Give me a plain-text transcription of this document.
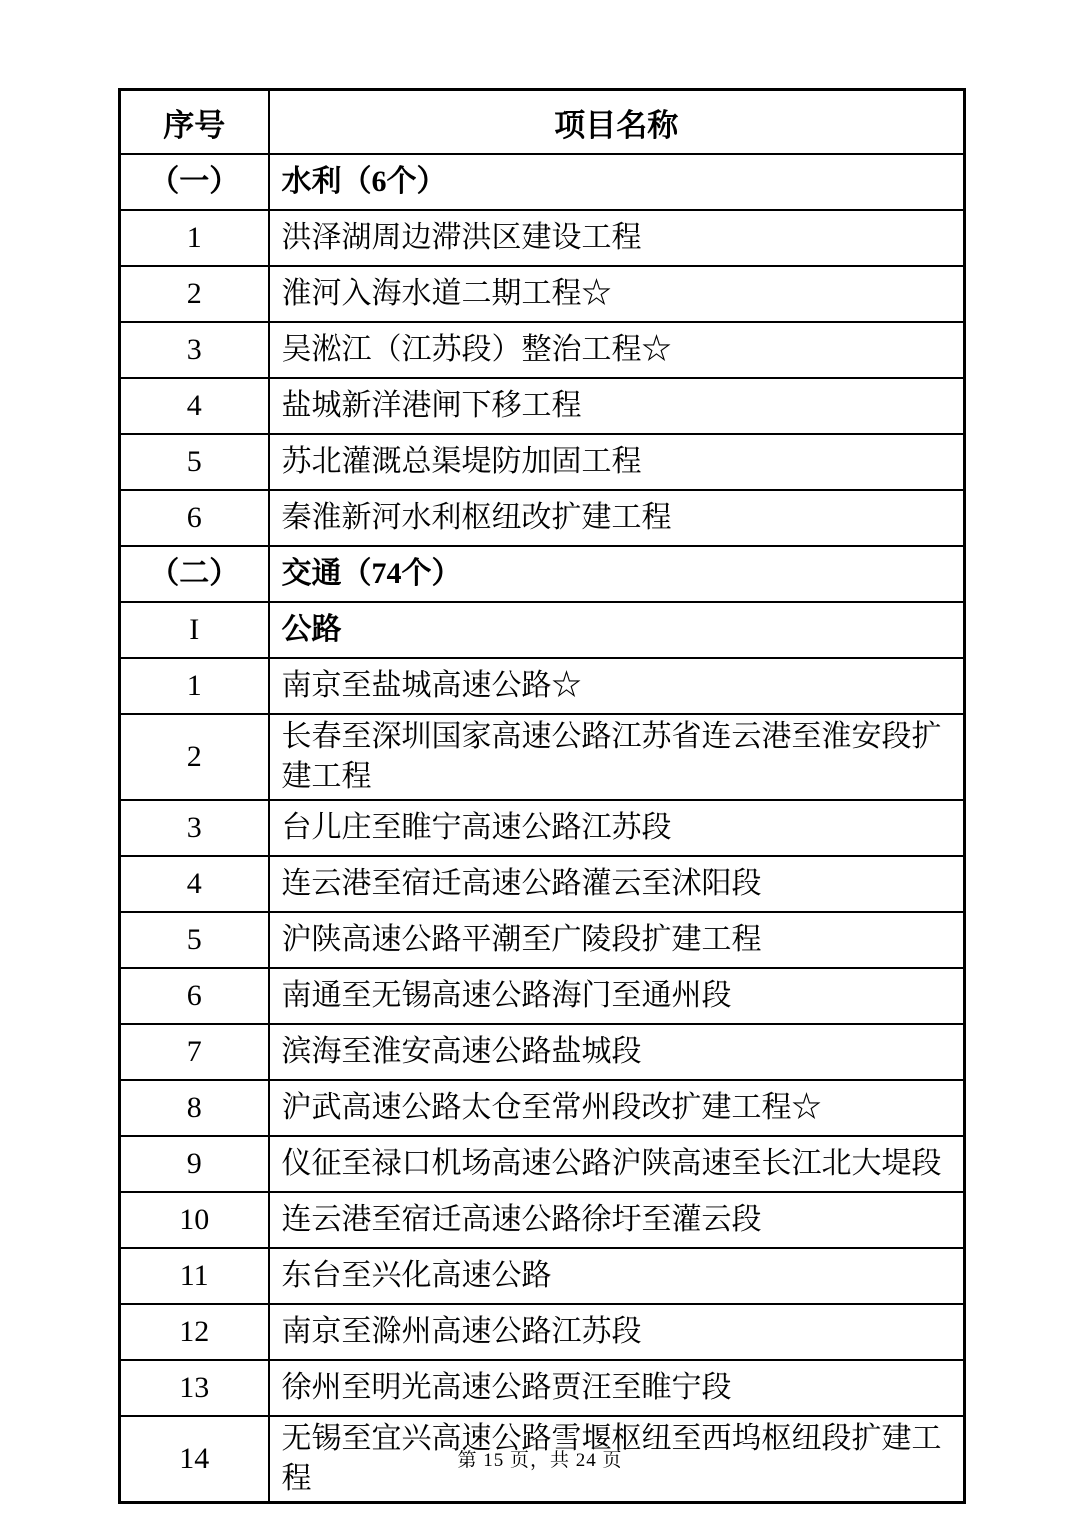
序号	项目名称
（一）	水利（6个）
1	洪泽湖周边滞洪区建设工程
2	淮河入海水道二期工程☆
3	吴淞江（江苏段）整治工程☆
4	盐城新洋港闸下移工程
5	苏北灌溉总渠堤防加固工程
6	秦淮新河水利枢纽改扩建工程
（二）	交通（74个）
I	公路
1	南京至盐城高速公路☆
2	长春至深圳国家高速公路江苏省连云港至淮安段扩建工程
3	台儿庄至睢宁高速公路江苏段
4	连云港至宿迁高速公路灌云至沭阳段
5	沪陕高速公路平潮至广陵段扩建工程
6	南通至无锡高速公路海门至通州段
7	滨海至淮安高速公路盐城段
8	沪武高速公路太仓至常州段改扩建工程☆
9	仪征至禄口机场高速公路沪陕高速至长江北大堤段
10	连云港至宿迁高速公路徐圩至灌云段
11	东台至兴化高速公路
12	南京至滁州高速公路江苏段
13	徐州至明光高速公路贾汪至睢宁段
14	无锡至宜兴高速公路雪堰枢纽至西坞枢纽段扩建工程
第 15 页，共 24 页
